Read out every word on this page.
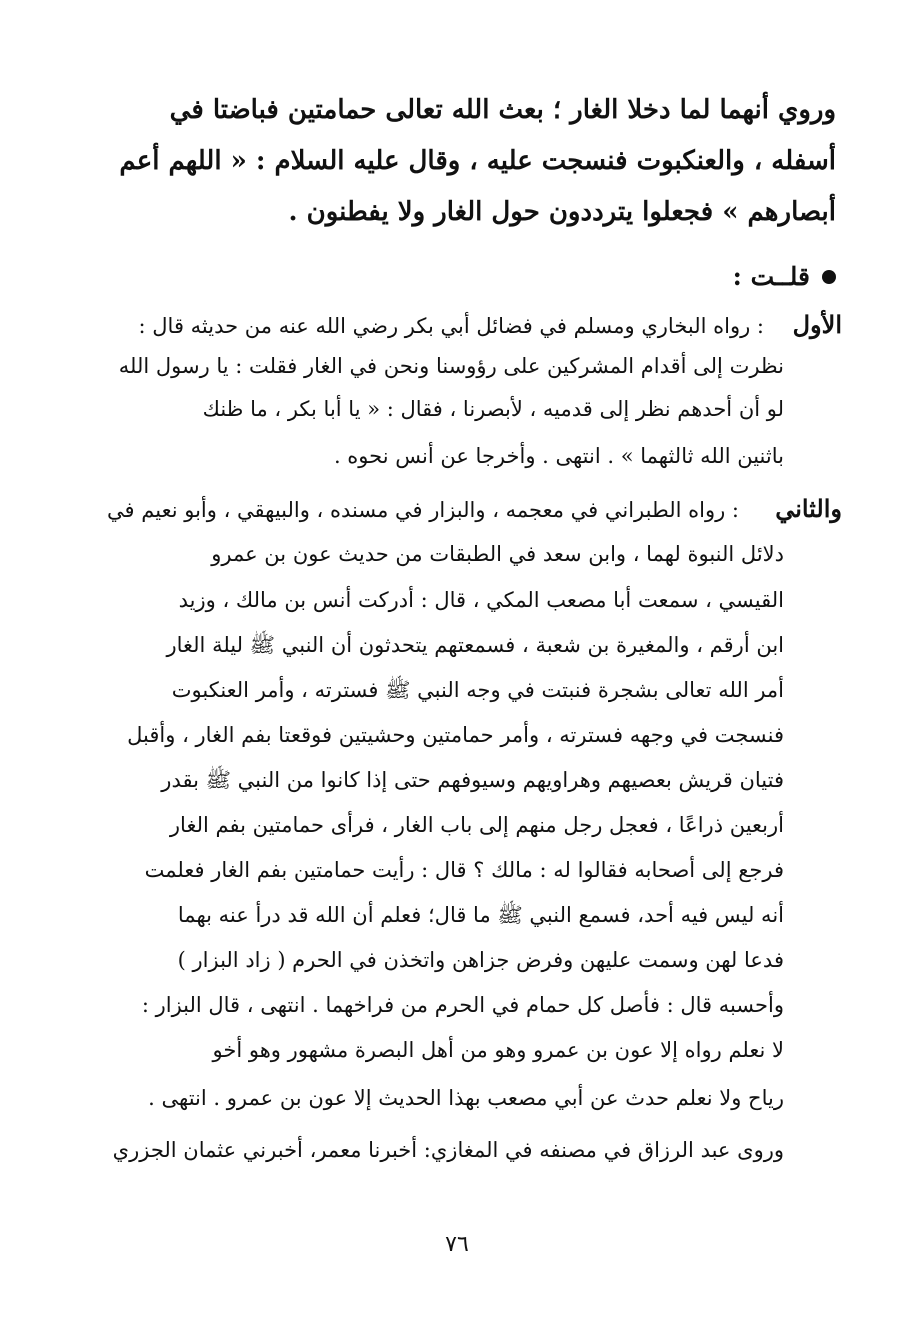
وروي أنهما لما دخلا الغار ؛ بعث الله تعالى حمامتين فباضتا في
أسفله ، والعنكبوت فنسجت عليه ، وقال عليه السلام : « اللهم أعم
أبصارهم » فجعلوا يترددون حول الغار ولا يفطنون .
قلــت :
الأول
: رواه البخاري ومسلم في فضائل أبي بكر رضي الله عنه من حديثه قال :
نظرت إلى أقدام المشركين على رؤوسنا ونحن في الغار فقلت : يا رسول الله
لو أن أحدهم نظر إلى قدميه ، لأبصرنا ، فقال : « يا أبا بكر ، ما ظنك
باثنين الله ثالثهما » . انتهى . وأخرجا عن أنس نحوه .
والثاني
: رواه الطبراني في معجمه ، والبزار في مسنده ، والبيهقي ، وأبو نعيم في
دلائل النبوة لهما ، وابن سعد في الطبقات من حديث عون بن عمرو
القيسي ، سمعت أبا مصعب المكي ، قال : أدركت أنس بن مالك ، وزيد
ابن أرقم ، والمغيرة بن شعبة ، فسمعتهم يتحدثون أن النبي ﷺ ليلة الغار
أمر الله تعالى بشجرة فنبتت في وجه النبي ﷺ فسترته ، وأمر العنكبوت
فنسجت في وجهه فسترته ، وأمر حمامتين وحشيتين فوقعتا بفم الغار ، وأقبل
فتيان قريش بعصيهم وهراويهم وسيوفهم حتى إذا كانوا من النبي ﷺ بقدر
أربعين ذراعًا ، فعجل رجل منهم إلى باب الغار ، فرأى حمامتين بفم الغار
فرجع إلى أصحابه فقالوا له : مالك ؟ قال : رأيت حمامتين بفم الغار فعلمت
أنه ليس فيه أحد، فسمع النبي ﷺ ما قال؛ فعلم أن الله قد درأ عنه بهما
فدعا لهن وسمت عليهن وفرض جزاهن واتخذن في الحرم ( زاد البزار )
وأحسبه قال : فأصل كل حمام في الحرم من فراخهما . انتهى ، قال البزار :
لا نعلم رواه إلا عون بن عمرو وهو من أهل البصرة مشهور وهو أخو
رياح ولا نعلم حدث عن أبي مصعب بهذا الحديث إلا عون بن عمرو . انتهى .
وروى عبد الرزاق في مصنفه في المغازي: أخبرنا معمر، أخبرني عثمان الجزري
٧٦
